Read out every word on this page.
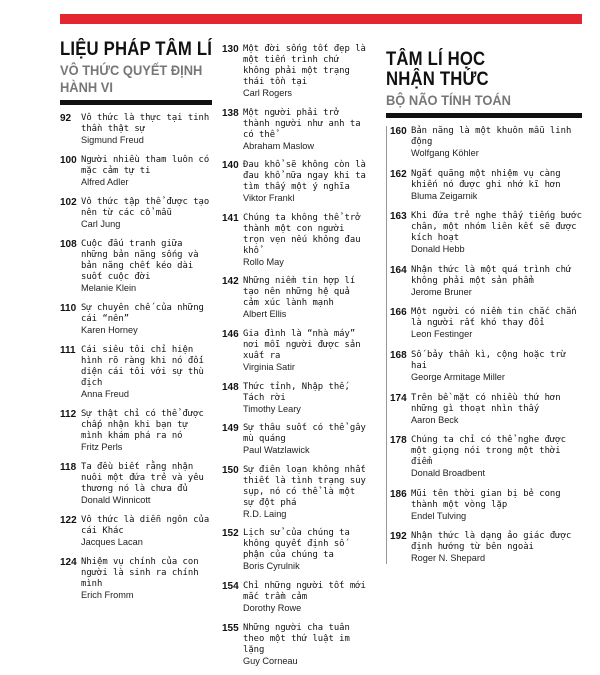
LIỆU PHÁP TÂM LÍ
VÔ THỨC QUYẾT ĐỊNH
HÀNH VI
92	Vô thức là thực tại tinh thần thật sự
Sigmund Freud
100 Người nhiều tham luôn có mặc cảm tự ti
Alfred Adler
102 Vô thức tập thể được tạo nên từ các cổ mẫu
Carl Jung
108 Cuộc đấu tranh giữa những bản năng sống và bản năng chết kéo dài suốt cuộc đời
Melanie Klein
110 Sự chuyên chế của những cái “nên”
Karen Horney
111 Cái siêu tôi chỉ hiện hình rõ ràng khi nó đối diện cái tôi với sự thù địch
Anna Freud
112 Sự thật chỉ có thể được chấp nhận khi bạn tự mình khám phá ra nó
Fritz Perls
118 Ta đều biết rằng nhận nuôi một đứa trẻ và yêu thương nó là chưa đủ
Donald Winnicott
122 Vô thức là diễn ngôn của cái Khác
Jacques Lacan
124 Nhiệm vụ chính của con người là sinh ra chính mình
Erich Fromm
130 Một đời sống tốt đẹp là một tiến trình chứ không phải một trạng thái tồn tại
Carl Rogers
138 Một người phải trở thành người như anh ta có thể
Abraham Maslow
140 Đau khổ sẽ không còn là đau khổ nữa ngay khi ta tìm thấy một ý nghĩa
Viktor Frankl
141 Chúng ta không thể trở thành một con người trọn vẹn nếu không đau khổ
Rollo May
142 Những niềm tin hợp lí tạo nên những hệ quả cảm xúc lành mạnh
Albert Ellis
146 Gia đình là “nhà máy” nơi mỗi người được sản xuất ra
Virginia Satir
148 Thức tỉnh, Nhập thế, Tách rời
Timothy Leary
149 Sự thâu suốt có thể gây mù quáng
Paul Watzlawick
150 Sự điên loạn không nhất thiết là tình trạng suy sụp, nó có thể là một sự đột phá
R.D. Laing
152 Lịch sử của chúng ta không quyết định số phận của chúng ta
Boris Cyrulnik
154 Chỉ những người tốt mới mắc trầm cảm
Dorothy Rowe
155 Những người cha tuân theo một thứ luật im lặng
Guy Corneau
TÂM LÍ HỌC
NHẬN THỨC
BỘ NÃO TÍNH TOÁN
160 Bản năng là một khuôn mẫu linh động
Wolfgang Köhler
162 Ngắt quãng một nhiệm vụ càng khiến nó được ghi nhớ kĩ hơn
Bluma Zeigarnik
163 Khi đứa trẻ nghe thấy tiếng bước chân, một nhóm liên kết sẽ được kích hoạt
Donald Hebb
164 Nhận thức là một quá trình chứ không phải một sản phẩm
Jerome Bruner
166 Một người có niềm tin chắc chắn là người rất khó thay đổi
Leon Festinger
168 Số bảy thần kì, cộng hoặc trừ hai
George Armitage Miller
174 Trên bề mặt có nhiều thứ hơn những gì thoạt nhìn thấy
Aaron Beck
178 Chúng ta chỉ có thể nghe được một giọng nói trong một thời điểm
Donald Broadbent
186 Mũi tên thời gian bị bẻ cong thành một vòng lặp
Endel Tulving
192 Nhận thức là dạng ảo giác được định hướng từ bên ngoài
Roger N. Shepard
